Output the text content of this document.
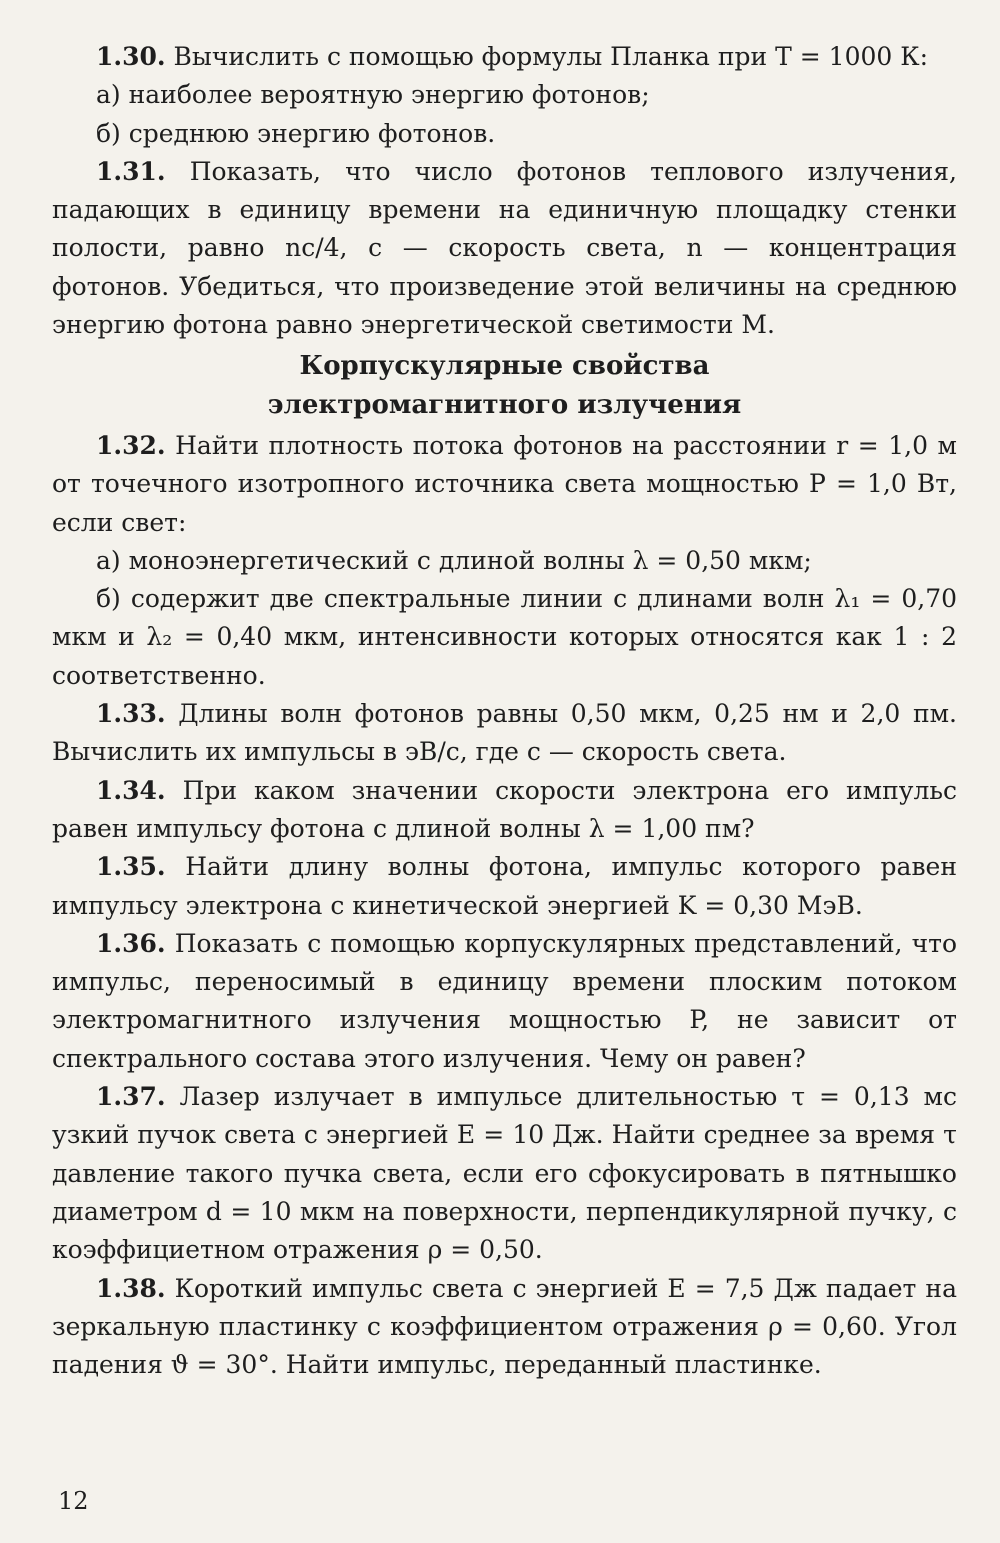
1.30. Вычислить с помощью формулы Планка при T = 1000 К:

а) наиболее вероятную энергию фотонов;

б) среднюю энергию фотонов.

1.31. Показать, что число фотонов теплового излучения, падающих в единицу времени на единичную площадку стенки полости, равно nc/4, c — скорость света, n — концентрация фотонов. Убедиться, что произведение этой величины на среднюю энергию фотона равно энергетической светимости M.

Корпускулярные свойства
электромагнитного излучения

1.32. Найти плотность потока фотонов на расстоянии r = 1,0 м от точечного изотропного источника света мощностью P = 1,0 Вт, если свет:

а) моноэнергетический с длиной волны λ = 0,50 мкм;

б) содержит две спектральные линии с длинами волн λ₁ = 0,70 мкм и λ₂ = 0,40 мкм, интенсивности которых относятся как 1 : 2 соответственно.

1.33. Длины волн фотонов равны 0,50 мкм, 0,25 нм и 2,0 пм. Вычислить их импульсы в эВ/c, где c — скорость света.

1.34. При каком значении скорости электрона его импульс равен импульсу фотона с длиной волны λ = 1,00 пм?

1.35. Найти длину волны фотона, импульс которого равен импульсу электрона с кинетической энергией K = 0,30 МэВ.

1.36. Показать с помощью корпускулярных представлений, что импульс, переносимый в единицу времени плоским потоком электромагнитного излучения мощностью P, не зависит от спектрального состава этого излучения. Чему он равен?

1.37. Лазер излучает в импульсе длительностью τ = 0,13 мс узкий пучок света с энергией E = 10 Дж. Найти среднее за время τ давление такого пучка света, если его сфокусировать в пятнышко диаметром d = 10 мкм на поверхности, перпендикулярной пучку, с коэффициетном отражения ρ = 0,50.

1.38. Короткий импульс света с энергией E = 7,5 Дж падает на зеркальную пластинку с коэффициентом отражения ρ = 0,60. Угол падения ϑ = 30°. Найти импульс, переданный пластинке.

12
